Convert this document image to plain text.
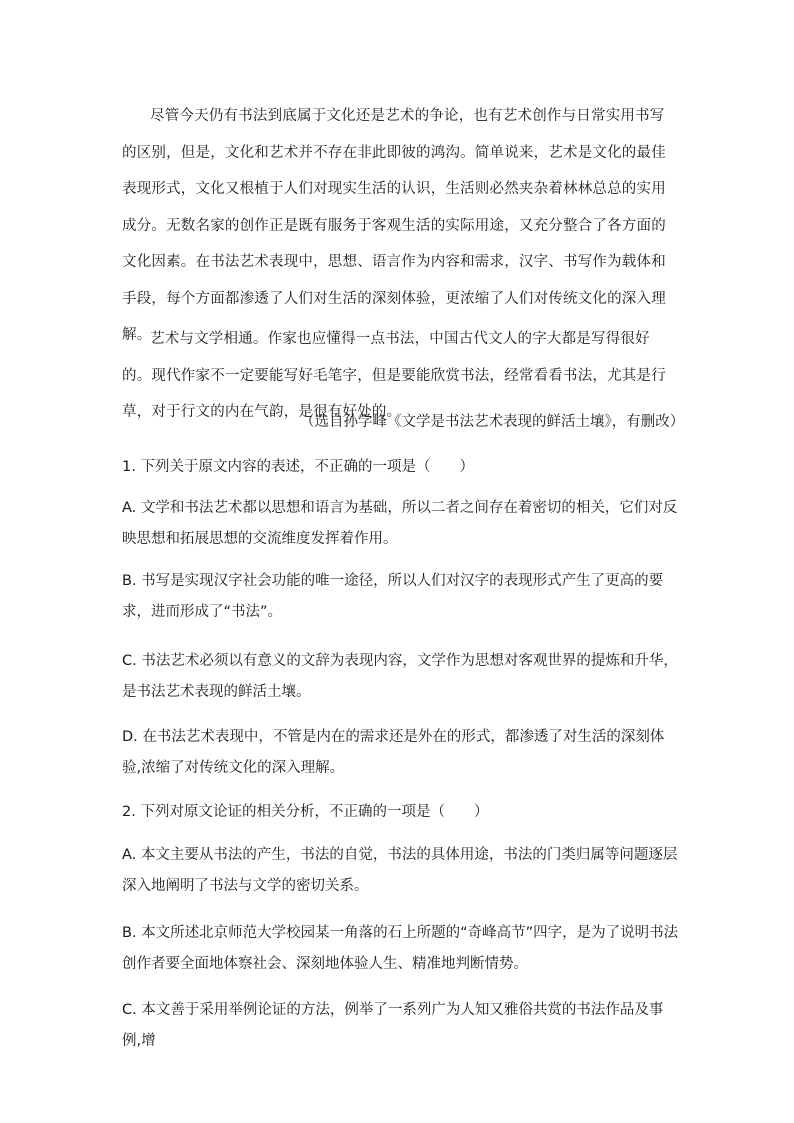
尽管今天仍有书法到底属于文化还是艺术的争论，也有艺术创作与日常实用书写的区别，但是，文化和艺术并不存在非此即彼的鸿沟。简单说来，艺术是文化的最佳表现形式，文化又根植于人们对现实生活的认识，生活则必然夹杂着林林总总的实用成分。无数名家的创作正是既有服务于客观生活的实际用途，又充分整合了各方面的文化因素。在书法艺术表现中，思想、语言作为内容和需求，汉字、书写作为载体和手段，每个方面都渗透了人们对生活的深刻体验，更浓缩了人们对传统文化的深入理解。

艺术与文学相通。作家也应懂得一点书法，中国古代文人的字大都是写得很好的。现代作家不一定要能写好毛笔字，但是要能欣赏书法，经常看看书法，尤其是行草，对于行文的内在气韵，是很有好处的。

（选自孙学峰《文学是书法艺术表现的鲜活土壤》，有删改）

1. 下列关于原文内容的表述，不正确的一项是（　　）

A. 文学和书法艺术都以思想和语言为基础，所以二者之间存在着密切的相关，它们对反映思想和拓展思想的交流维度发挥着作用。

B. 书写是实现汉字社会功能的唯一途径，所以人们对汉字的表现形式产生了更高的要求，进而形成了“书法”。

C. 书法艺术必须以有意义的文辞为表现内容，文学作为思想对客观世界的提炼和升华，是书法艺术表现的鲜活土壤。

D. 在书法艺术表现中，不管是内在的需求还是外在的形式，都渗透了对生活的深刻体验,浓缩了对传统文化的深入理解。

2. 下列对原文论证的相关分析，不正确的一项是（　　）

A. 本文主要从书法的产生，书法的自觉，书法的具体用途，书法的门类归属等问题逐层深入地阐明了书法与文学的密切关系。

B. 本文所述北京师范大学校园某一角落的石上所题的“奇峰高节”四字，是为了说明书法创作者要全面地体察社会、深刻地体验人生、精准地判断情势。

C. 本文善于采用举例论证的方法，例举了一系列广为人知又雅俗共赏的书法作品及事例,增
